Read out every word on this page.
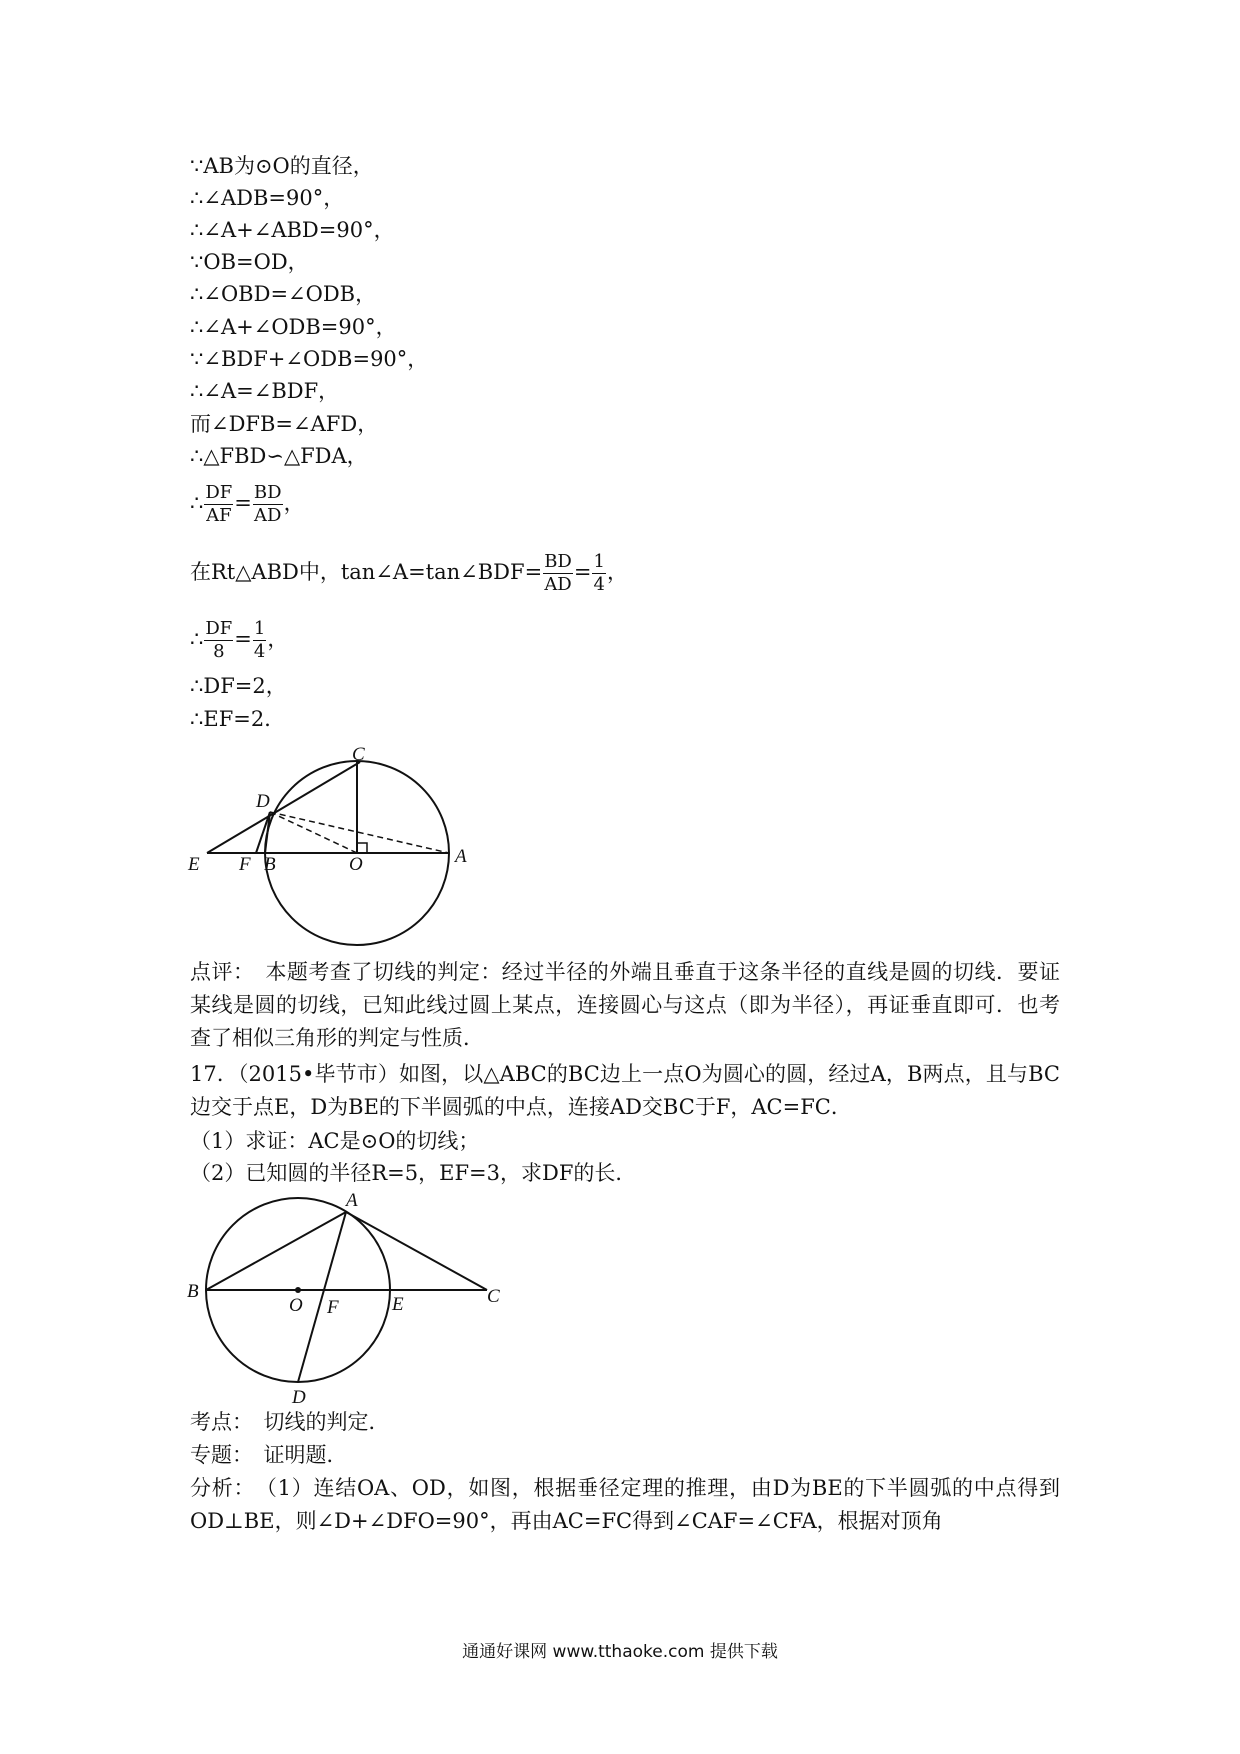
∵AB为⊙O的直径，
∴∠ADB=90°，
∴∠A+∠ABD=90°，
∵OB=OD，
∴∠OBD=∠ODB，
∴∠A+∠ODB=90°，
∵∠BDF+∠ODB=90°，
∴∠A=∠BDF，
而∠DFB=∠AFD，
∴△FBD∽△FDA，
∴ $\frac{DF}{AF} = \frac{BD}{AD}$ ，
在Rt△ABD中，tan∠A=tan∠BDF= $\frac{BD}{AD} = \frac{1}{4}$ ，
∴ $\frac{DF}{8} = \frac{1}{4}$ ，
∴DF=2，
∴EF=2．
C
D
E F B	O	A
A
B
O F	E	C
D
点评：　本题考查了切线的判定：经过半径的外端且垂直于这条半径的直线是圆的切线．要证某线是圆的切线，已知此线过圆上某点，连接圆心与这点（即为半径），再证垂直即可．也考查了相似三角形的判定与性质．
17．（2015•毕节市）如图，以△ABC的BC边上一点O为圆心的圆，经过A，B两点，且与BC边交于点E，D为BE的下半圆弧的中点，连接AD交BC于F，AC=FC．
（1）求证：AC是⊙O的切线；
（2）已知圆的半径R=5，EF=3，求DF的长．
考点：　切线的判定．
专题：　证明题．
分析：　（1）连结OA、OD，如图，根据垂径定理的推理，由D为BE的下半圆弧的中点得到OD⊥BE，则∠D+∠DFO=90°，再由AC=FC得到∠CAF=∠CFA，根据对顶角
通通好课网 www.tthaoke.com 提供下载
